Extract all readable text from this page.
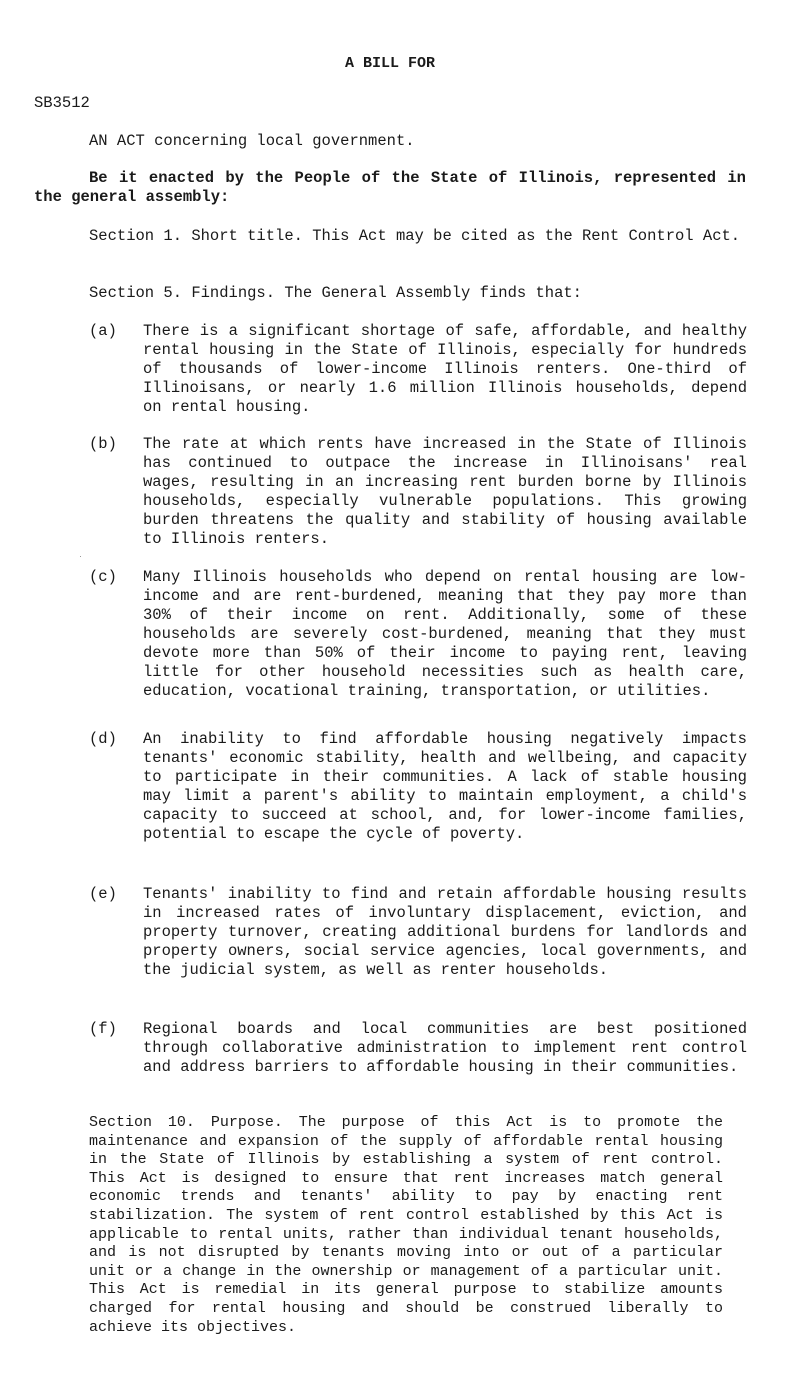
A BILL FOR
SB3512
AN ACT concerning local government.
Be it enacted by the People of the State of Illinois, represented in the general assembly:
Section 1. Short title. This Act may be cited as the Rent Control Act.
Section 5. Findings. The General Assembly finds that:
(a) There is a significant shortage of safe, affordable, and healthy rental housing in the State of Illinois, especially for hundreds of thousands of lower-income Illinois renters. One-third of Illinoisans, or nearly 1.6 million Illinois households, depend on rental housing.
(b) The rate at which rents have increased in the State of Illinois has continued to outpace the increase in Illinoisans' real wages, resulting in an increasing rent burden borne by Illinois households, especially vulnerable populations. This growing burden threatens the quality and stability of housing available to Illinois renters.
(c) Many Illinois households who depend on rental housing are low-income and are rent-burdened, meaning that they pay more than 30% of their income on rent. Additionally, some of these households are severely cost-burdened, meaning that they must devote more than 50% of their income to paying rent, leaving little for other household necessities such as health care, education, vocational training, transportation, or utilities.
(d) An inability to find affordable housing negatively impacts tenants' economic stability, health and wellbeing, and capacity to participate in their communities. A lack of stable housing may limit a parent's ability to maintain employment, a child's capacity to succeed at school, and, for lower-income families, potential to escape the cycle of poverty.
(e) Tenants' inability to find and retain affordable housing results in increased rates of involuntary displacement, eviction, and property turnover, creating additional burdens for landlords and property owners, social service agencies, local governments, and the judicial system, as well as renter households.
(f) Regional boards and local communities are best positioned through collaborative administration to implement rent control and address barriers to affordable housing in their communities.
Section 10. Purpose. The purpose of this Act is to promote the maintenance and expansion of the supply of affordable rental housing in the State of Illinois by establishing a system of rent control. This Act is designed to ensure that rent increases match general economic trends and tenants' ability to pay by enacting rent stabilization. The system of rent control established by this Act is applicable to rental units, rather than individual tenant households, and is not disrupted by tenants moving into or out of a particular unit or a change in the ownership or management of a particular unit. This Act is remedial in its general purpose to stabilize amounts charged for rental housing and should be construed liberally to achieve its objectives.
